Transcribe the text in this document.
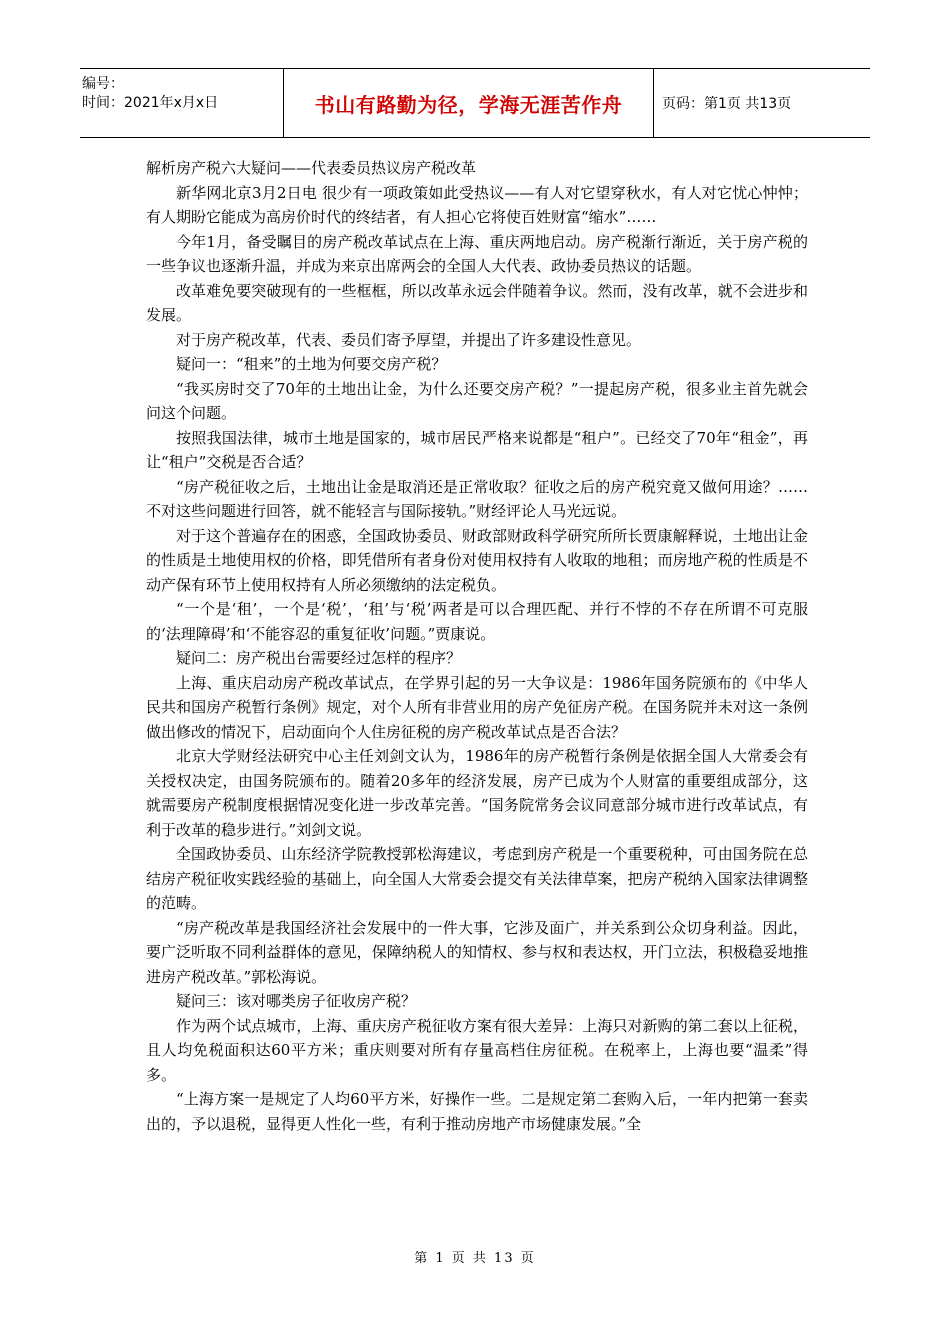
编号：
时间：2021年x月x日	书山有路勤为径，学海无涯苦作舟	页码：第1页 共13页

解析房产税六大疑问——代表委员热议房产税改革

新华网北京3月2日电 很少有一项政策如此受热议——有人对它望穿秋水，有人对它忧心忡忡；有人期盼它能成为高房价时代的终结者，有人担心它将使百姓财富“缩水”……

今年1月，备受瞩目的房产税改革试点在上海、重庆两地启动。房产税渐行渐近，关于房产税的一些争议也逐渐升温，并成为来京出席两会的全国人大代表、政协委员热议的话题。

改革难免要突破现有的一些框框，所以改革永远会伴随着争议。然而，没有改革，就不会进步和发展。

对于房产税改革，代表、委员们寄予厚望，并提出了许多建设性意见。

疑问一：“租来”的土地为何要交房产税？

“我买房时交了70年的土地出让金，为什么还要交房产税？”一提起房产税，很多业主首先就会问这个问题。

按照我国法律，城市土地是国家的，城市居民严格来说都是“租户”。已经交了70年“租金”，再让“租户”交税是否合适？

“房产税征收之后，土地出让金是取消还是正常收取？征收之后的房产税究竟又做何用途？……不对这些问题进行回答，就不能轻言与国际接轨。”财经评论人马光远说。

对于这个普遍存在的困惑，全国政协委员、财政部财政科学研究所所长贾康解释说，土地出让金的性质是土地使用权的价格，即凭借所有者身份对使用权持有人收取的地租；而房地产税的性质是不动产保有环节上使用权持有人所必须缴纳的法定税负。

“一个是‘租’，一个是‘税’，‘租’与‘税’两者是可以合理匹配、并行不悖的不存在所谓不可克服的‘法理障碍’和‘不能容忍的重复征收’问题。”贾康说。

疑问二：房产税出台需要经过怎样的程序？

上海、重庆启动房产税改革试点，在学界引起的另一大争议是：1986年国务院颁布的《中华人民共和国房产税暂行条例》规定，对个人所有非营业用的房产免征房产税。在国务院并未对这一条例做出修改的情况下，启动面向个人住房征税的房产税改革试点是否合法？

北京大学财经法研究中心主任刘剑文认为，1986年的房产税暂行条例是依据全国人大常委会有关授权决定，由国务院颁布的。随着20多年的经济发展，房产已成为个人财富的重要组成部分，这就需要房产税制度根据情况变化进一步改革完善。“国务院常务会议同意部分城市进行改革试点，有利于改革的稳步进行。”刘剑文说。

全国政协委员、山东经济学院教授郭松海建议，考虑到房产税是一个重要税种，可由国务院在总结房产税征收实践经验的基础上，向全国人大常委会提交有关法律草案，把房产税纳入国家法律调整的范畴。

“房产税改革是我国经济社会发展中的一件大事，它涉及面广，并关系到公众切身利益。因此，要广泛听取不同利益群体的意见，保障纳税人的知情权、参与权和表达权，开门立法，积极稳妥地推进房产税改革。”郭松海说。

疑问三：该对哪类房子征收房产税？

作为两个试点城市，上海、重庆房产税征收方案有很大差异：上海只对新购的第二套以上征税，且人均免税面积达60平方米；重庆则要对所有存量高档住房征税。在税率上，上海也要“温柔”得多。

“上海方案一是规定了人均60平方米，好操作一些。二是规定第二套购入后，一年内把第一套卖出的，予以退税，显得更人性化一些，有利于推动房地产市场健康发展。”全

第 1 页 共 13 页
